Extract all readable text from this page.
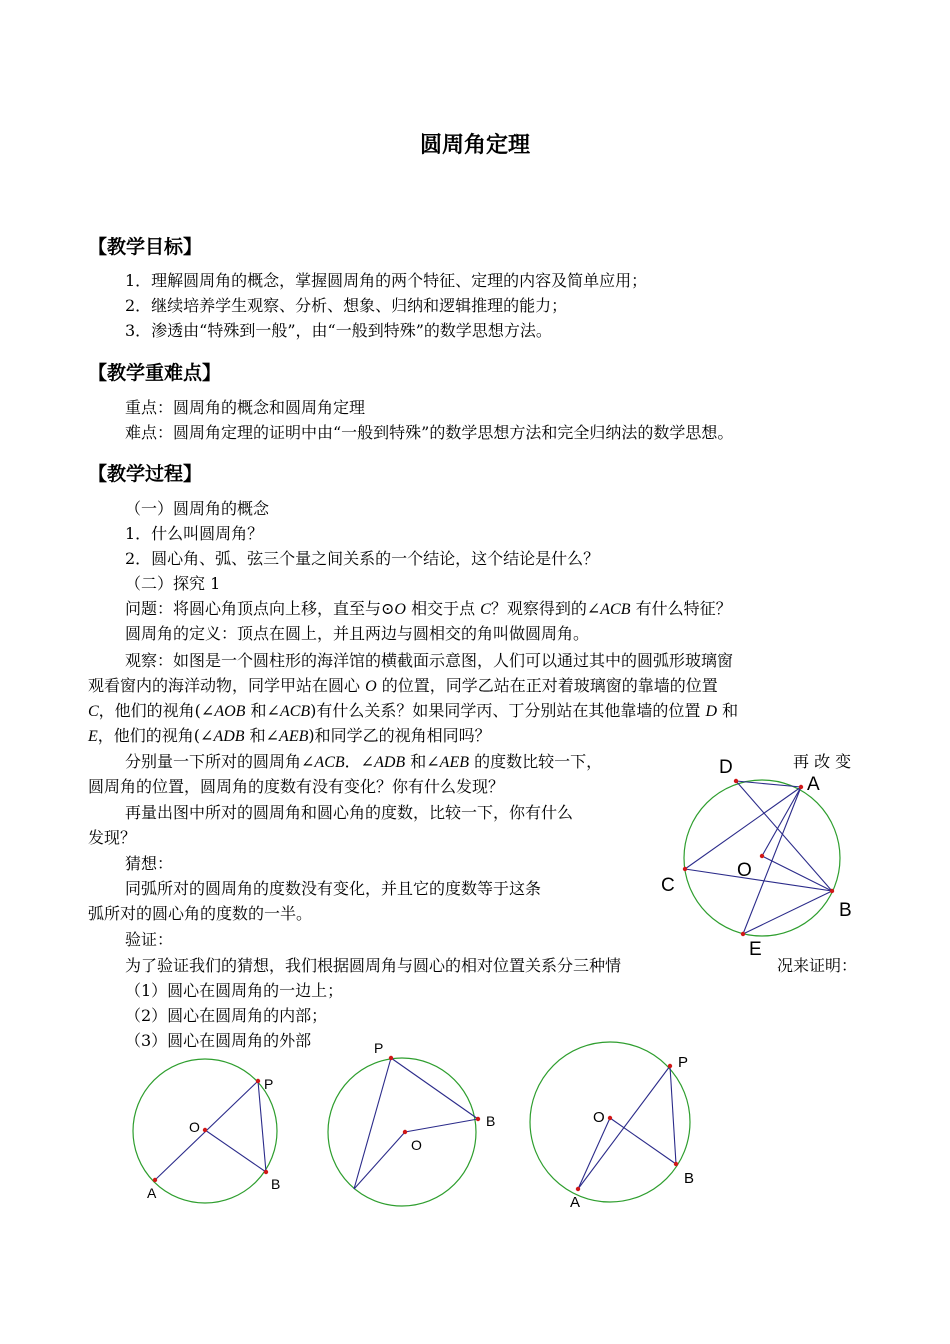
圆周角定理
【教学目标】
1．理解圆周角的概念，掌握圆周角的两个特征、定理的内容及简单应用；
2．继续培养学生观察、分析、想象、归纳和逻辑推理的能力；
3．渗透由“特殊到一般”，由“一般到特殊”的数学思想方法。
【教学重难点】
重点：圆周角的概念和圆周角定理
难点：圆周角定理的证明中由“一般到特殊”的数学思想方法和完全归纳法的数学思想。
【教学过程】
（一）圆周角的概念
1．什么叫圆周角？
2．圆心角、弧、弦三个量之间关系的一个结论，这个结论是什么？
（二）探究 1
问题：将圆心角顶点向上移，直至与⊙O 相交于点 C？观察得到的∠ACB 有什么特征？
圆周角的定义：顶点在圆上，并且两边与圆相交的角叫做圆周角。
观察：如图是一个圆柱形的海洋馆的横截面示意图，人们可以通过其中的圆弧形玻璃窗
观看窗内的海洋动物，同学甲站在圆心 O 的位置，同学乙站在正对着玻璃窗的靠墙的位置
C，他们的视角(∠AOB 和∠ACB)有什么关系？如果同学丙、丁分别站在其他靠墙的位置 D 和
E，他们的视角(∠ADB 和∠AEB)和同学乙的视角相同吗？
分别量一下所对的圆周角∠ACB．∠ADB 和∠AEB 的度数比较一下，	再 改 变
圆周角的位置，圆周角的度数有没有变化？你有什么发现？
再量出图中所对的圆周角和圆心角的度数，比较一下，你有什么
发现？
猜想：
同弧所对的圆周角的度数没有变化，并且它的度数等于这条
弧所对的圆心角的度数的一半。
验证：
为了验证我们的猜想，我们根据圆周角与圆心的相对位置关系分三种情	况来证明：
（1）圆心在圆周角的一边上；
（2）圆心在圆周角的内部；
（3）圆心在圆周角的外部
D
A
O
C
B
E
P
O
A
B
P
B
O
P
O
A
B
